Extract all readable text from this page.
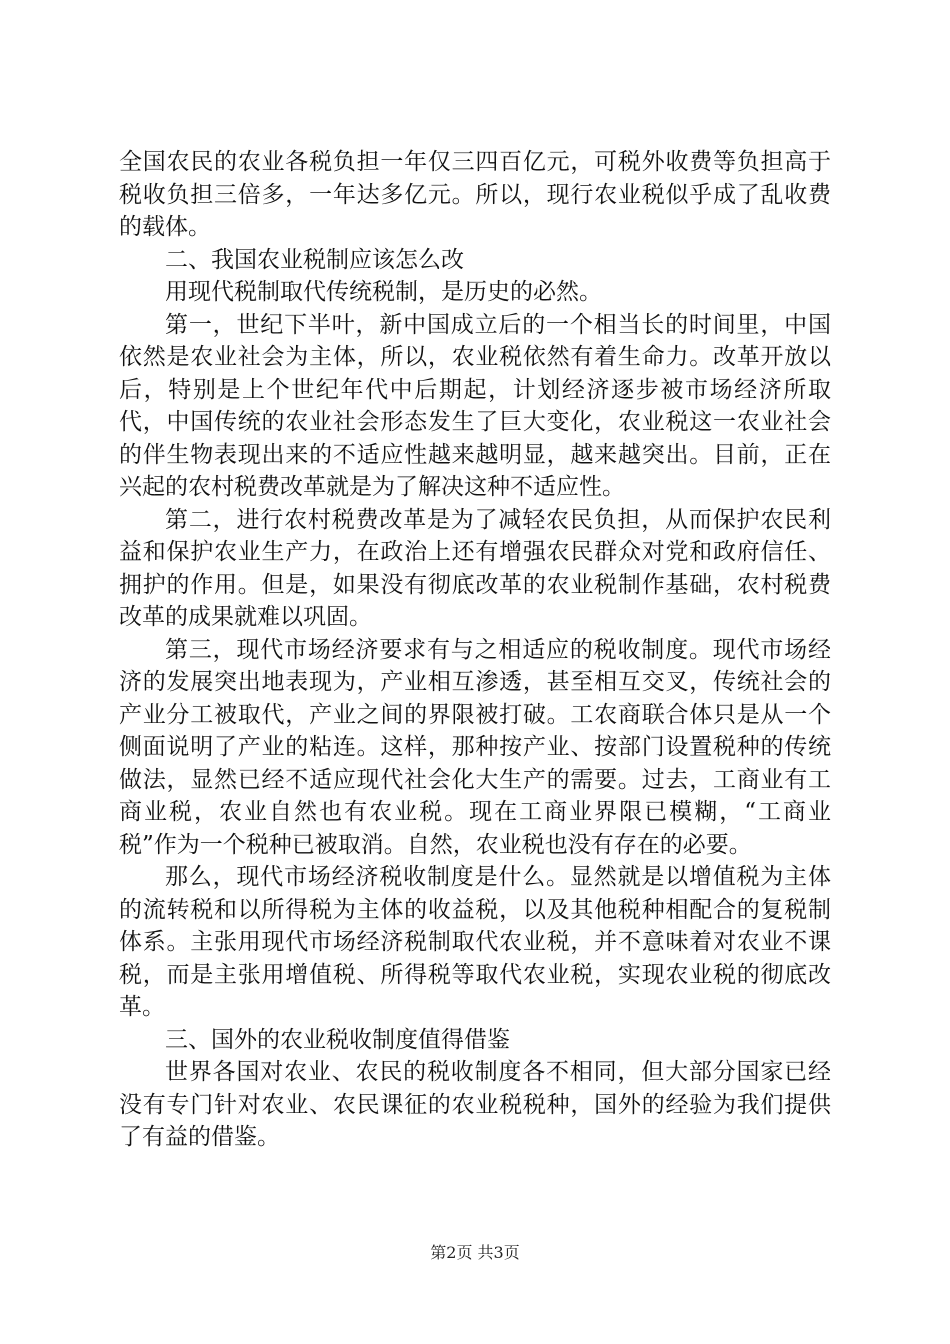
全国农民的农业各税负担一年仅三四百亿元，可税外收费等负担高于税收负担三倍多，一年达多亿元。所以，现行农业税似乎成了乱收费的载体。

二、我国农业税制应该怎么改

用现代税制取代传统税制，是历史的必然。

第一，世纪下半叶，新中国成立后的一个相当长的时间里，中国依然是农业社会为主体，所以，农业税依然有着生命力。改革开放以后，特别是上个世纪年代中后期起，计划经济逐步被市场经济所取代，中国传统的农业社会形态发生了巨大变化，农业税这一农业社会的伴生物表现出来的不适应性越来越明显，越来越突出。目前，正在兴起的农村税费改革就是为了解决这种不适应性。

第二，进行农村税费改革是为了减轻农民负担，从而保护农民利益和保护农业生产力，在政治上还有增强农民群众对党和政府信任、拥护的作用。但是，如果没有彻底改革的农业税制作基础，农村税费改革的成果就难以巩固。

第三，现代市场经济要求有与之相适应的税收制度。现代市场经济的发展突出地表现为，产业相互渗透，甚至相互交叉，传统社会的产业分工被取代，产业之间的界限被打破。工农商联合体只是从一个侧面说明了产业的粘连。这样，那种按产业、按部门设置税种的传统做法，显然已经不适应现代社会化大生产的需要。过去，工商业有工商业税，农业自然也有农业税。现在工商业界限已模糊，“工商业税”作为一个税种已被取消。自然，农业税也没有存在的必要。

那么，现代市场经济税收制度是什么。显然就是以增值税为主体的流转税和以所得税为主体的收益税，以及其他税种相配合的复税制体系。主张用现代市场经济税制取代农业税，并不意味着对农业不课税，而是主张用增值税、所得税等取代农业税，实现农业税的彻底改革。

三、国外的农业税收制度值得借鉴

世界各国对农业、农民的税收制度各不相同，但大部分国家已经没有专门针对农业、农民课征的农业税税种，国外的经验为我们提供了有益的借鉴。

第2页 共3页
